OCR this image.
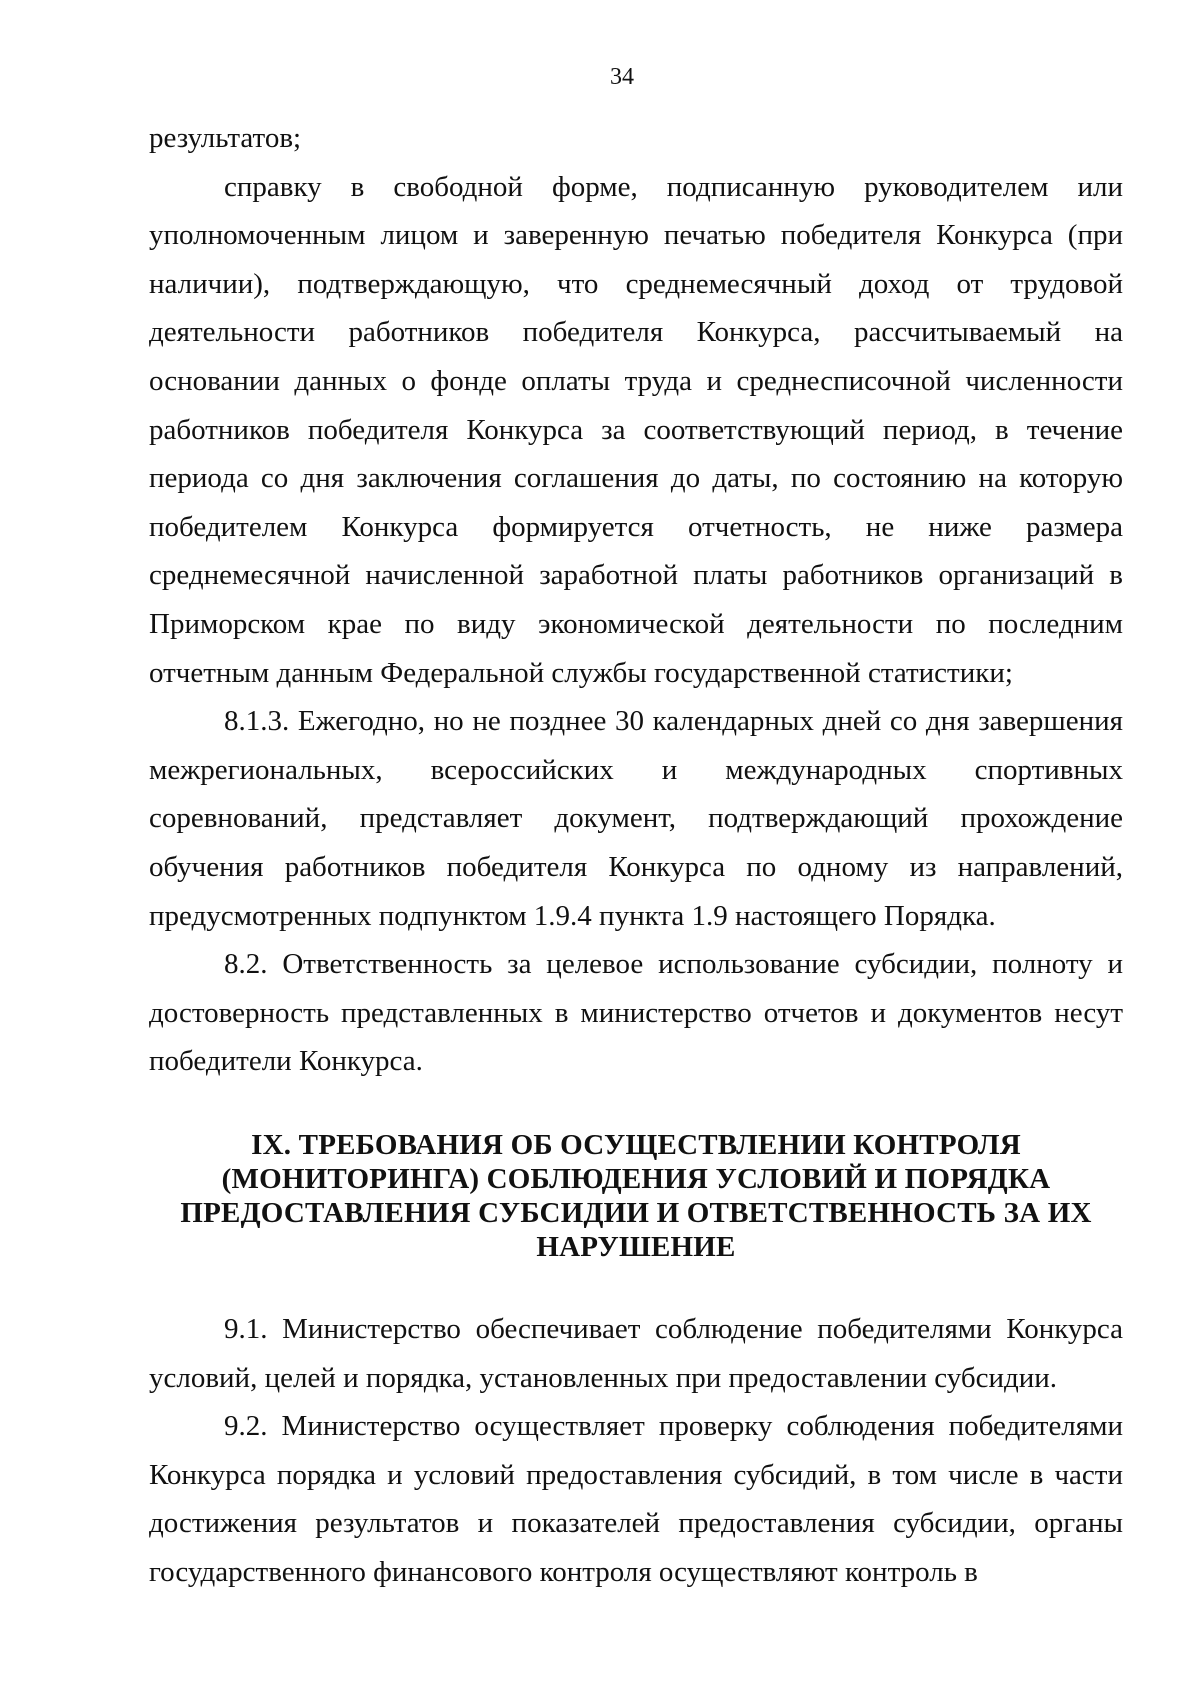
34

результатов;

справку в свободной форме, подписанную руководителем или уполномоченным лицом и заверенную печатью победителя Конкурса (при наличии), подтверждающую, что среднемесячный доход от трудовой деятельности работников победителя Конкурса, рассчитываемый на основании данных о фонде оплаты труда и среднесписочной численности работников победителя Конкурса за соответствующий период, в течение периода со дня заключения соглашения до даты, по состоянию на которую победителем Конкурса формируется отчетность, не ниже размера среднемесячной начисленной заработной платы работников организаций в Приморском крае по виду экономической деятельности по последним отчетным данным Федеральной службы государственной статистики;

8.1.3. Ежегодно, но не позднее 30 календарных дней со дня завершения межрегиональных, всероссийских и международных спортивных соревнований, представляет документ, подтверждающий прохождение обучения работников победителя Конкурса по одному из направлений, предусмотренных подпунктом 1.9.4 пункта 1.9 настоящего Порядка.

8.2. Ответственность за целевое использование субсидии, полноту и достоверность представленных в министерство отчетов и документов несут победители Конкурса.

IX. ТРЕБОВАНИЯ ОБ ОСУЩЕСТВЛЕНИИ КОНТРОЛЯ
(МОНИТОРИНГА) СОБЛЮДЕНИЯ УСЛОВИЙ И ПОРЯДКА
ПРЕДОСТАВЛЕНИЯ СУБСИДИИ И ОТВЕТСТВЕННОСТЬ ЗА ИХ
НАРУШЕНИЕ

9.1. Министерство обеспечивает соблюдение победителями Конкурса условий, целей и порядка, установленных при предоставлении субсидии.

9.2. Министерство осуществляет проверку соблюдения победителями Конкурса порядка и условий предоставления субсидий, в том числе в части достижения результатов и показателей предоставления субсидии, органы государственного финансового контроля осуществляют контроль в
